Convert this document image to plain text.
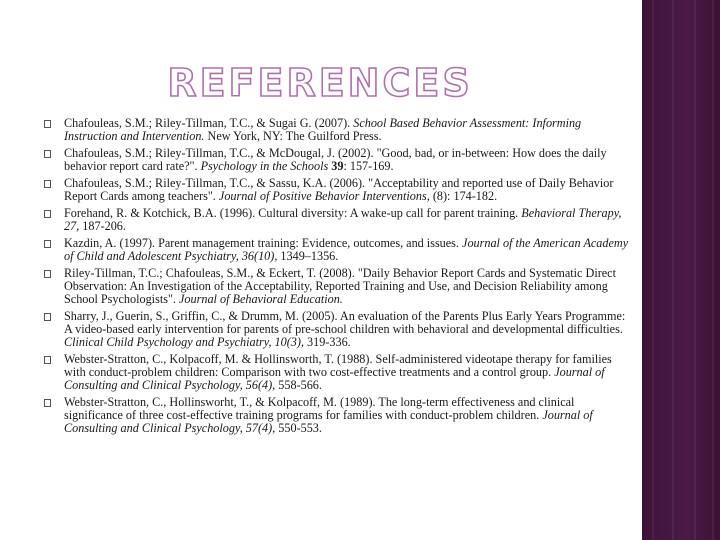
REFERENCES
Chafouleas, S.M.; Riley-Tillman, T.C., & Sugai G. (2007). School Based Behavior Assessment: Informing Instruction and Intervention. New York, NY: The Guilford Press.
Chafouleas, S.M.; Riley-Tillman, T.C., & McDougal, J. (2002). "Good, bad, or in-between: How does the daily behavior report card rate?". Psychology in the Schools 39: 157-169.
Chafouleas, S.M.; Riley-Tillman, T.C., & Sassu, K.A. (2006). "Acceptability and reported use of Daily Behavior Report Cards among teachers". Journal of Positive Behavior Interventions, (8): 174-182.
Forehand, R. & Kotchick, B.A. (1996). Cultural diversity: A wake-up call for parent training. Behavioral Therapy, 27, 187-206.
Kazdin, A. (1997). Parent management training: Evidence, outcomes, and issues. Journal of the American Academy of Child and Adolescent Psychiatry, 36(10), 1349–1356.
Riley-Tillman, T.C.; Chafouleas, S.M., & Eckert, T. (2008). "Daily Behavior Report Cards and Systematic Direct Observation: An Investigation of the Acceptability, Reported Training and Use, and Decision Reliability among School Psychologists". Journal of Behavioral Education.
Sharry, J., Guerin, S., Griffin, C., & Drumm, M. (2005). An evaluation of the Parents Plus Early Years Programme: A video-based early intervention for parents of pre-school children with behavioral and developmental difficulties. Clinical Child Psychology and Psychiatry, 10(3), 319-336.
Webster-Stratton, C., Kolpacoff, M. & Hollinsworth, T. (1988). Self-administered videotape therapy for families with conduct-problem children: Comparison with two cost-effective treatments and a control group. Journal of Consulting and Clinical Psychology, 56(4), 558-566.
Webster-Stratton, C., Hollinsworht, T., & Kolpacoff, M. (1989). The long-term effectiveness and clinical significance of three cost-effective training programs for families with conduct-problem children. Journal of Consulting and Clinical Psychology, 57(4), 550-553.
